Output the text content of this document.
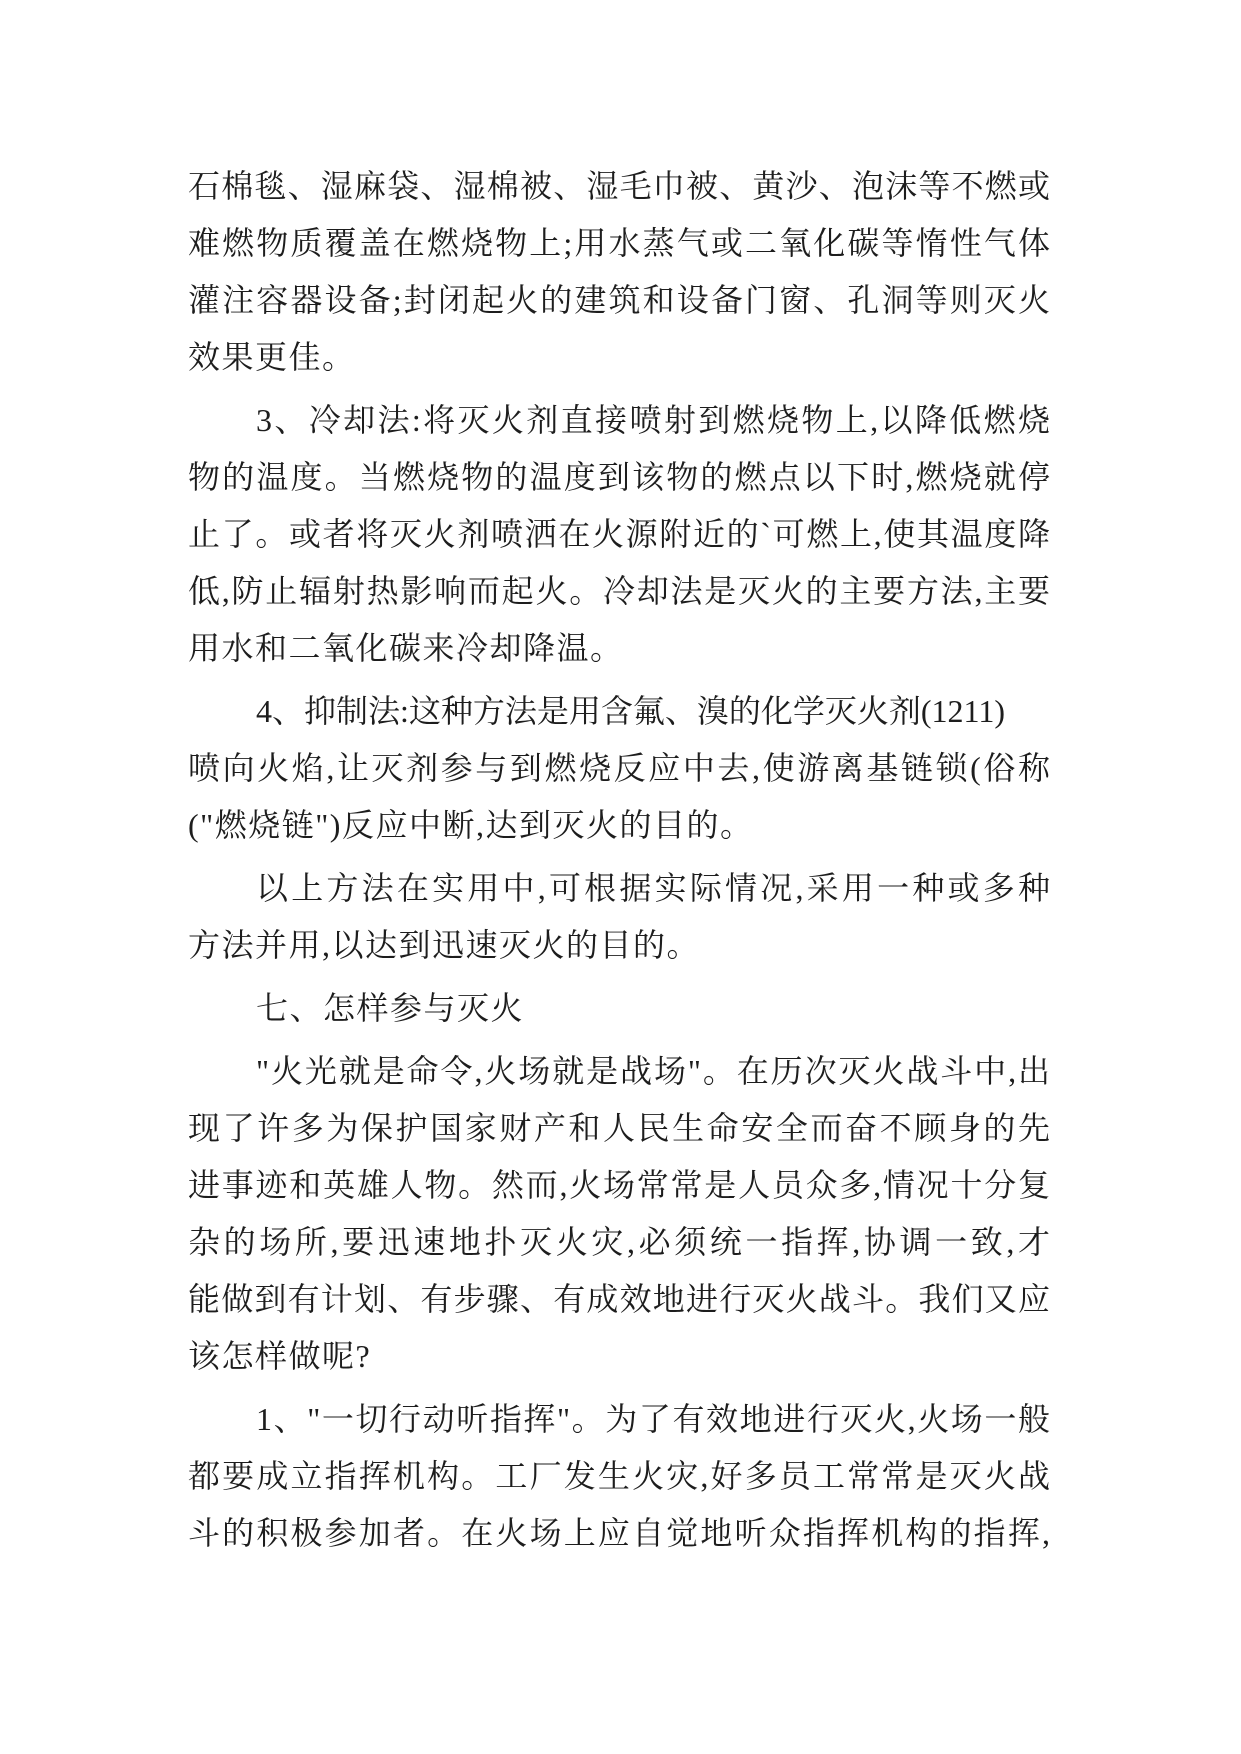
石棉毯、湿麻袋、湿棉被、湿毛巾被、黄沙、泡沫等不燃或
难燃物质覆盖在燃烧物上;用水蒸气或二氧化碳等惰性气体
灌注容器设备;封闭起火的建筑和设备门窗、孔洞等则灭火
效果更佳。
3、冷却法:将灭火剂直接喷射到燃烧物上,以降低燃烧
物的温度。当燃烧物的温度到该物的燃点以下时,燃烧就停
止了。或者将灭火剂喷洒在火源附近的`可燃上,使其温度降
低,防止辐射热影响而起火。冷却法是灭火的主要方法,主要
用水和二氧化碳来冷却降温。
4、抑制法:这种方法是用含氟、溴的化学灭火剂(1211)
喷向火焰,让灭剂参与到燃烧反应中去,使游离基链锁(俗称
("燃烧链")反应中断,达到灭火的目的。
以上方法在实用中,可根据实际情况,采用一种或多种
方法并用,以达到迅速灭火的目的。
七、怎样参与灭火
"火光就是命令,火场就是战场"。在历次灭火战斗中,出
现了许多为保护国家财产和人民生命安全而奋不顾身的先
进事迹和英雄人物。然而,火场常常是人员众多,情况十分复
杂的场所,要迅速地扑灭火灾,必须统一指挥,协调一致,才
能做到有计划、有步骤、有成效地进行灭火战斗。我们又应
该怎样做呢?
1、"一切行动听指挥"。为了有效地进行灭火,火场一般
都要成立指挥机构。工厂发生火灾,好多员工常常是灭火战
斗的积极参加者。在火场上应自觉地听众指挥机构的指挥,
